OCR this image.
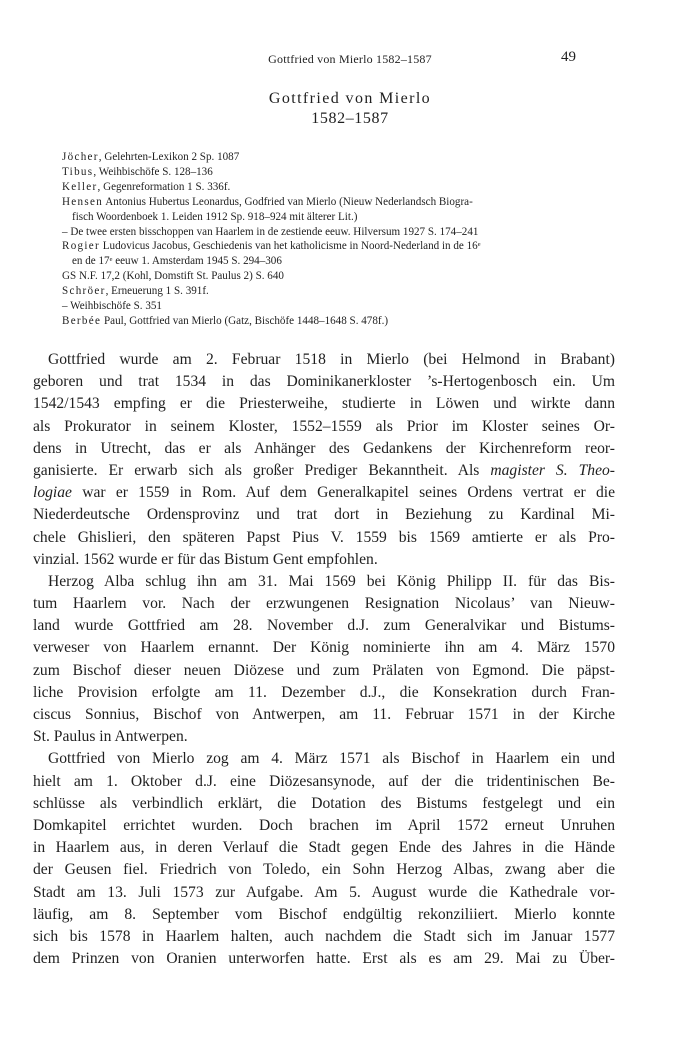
Gottfried von Mierlo 1582–1587	49
Gottfried von Mierlo
1582–1587
Jöcher, Gelehrten-Lexikon 2 Sp. 1087
Tibus, Weihbischöfe S. 128–136
Keller, Gegenreformation 1 S. 336f.
Hensen Antonius Hubertus Leonardus, Godfried van Mierlo (Nieuw Nederlandsch Biogra-
fisch Woordenboek 1. Leiden 1912 Sp. 918–924 mit älterer Lit.)
– De twee ersten bisschoppen van Haarlem in de zestiende eeuw. Hilversum 1927 S. 174–241
Rogier Ludovicus Jacobus, Geschiedenis van het katholicisme in Noord-Nederland in de 16ᵉ
en de 17ᵉ eeuw 1. Amsterdam 1945 S. 294–306
GS N.F. 17,2 (Kohl, Domstift St. Paulus 2) S. 640
Schröer, Erneuerung 1 S. 391f.
– Weihbischöfe S. 351
Berbée Paul, Gottfried van Mierlo (Gatz, Bischöfe 1448–1648 S. 478f.)
Gottfried wurde am 2. Februar 1518 in Mierlo (bei Helmond in Brabant)
geboren und trat 1534 in das Dominikanerkloster ’s-Hertogenbosch ein. Um
1542/1543 empfing er die Priesterweihe, studierte in Löwen und wirkte dann
als Prokurator in seinem Kloster, 1552–1559 als Prior im Kloster seines Or-
dens in Utrecht, das er als Anhänger des Gedankens der Kirchenreform reor-
ganisierte. Er erwarb sich als großer Prediger Bekanntheit. Als magister S. Theo-
logiae war er 1559 in Rom. Auf dem Generalkapitel seines Ordens vertrat er die
Niederdeutsche Ordensprovinz und trat dort in Beziehung zu Kardinal Mi-
chele Ghislieri, den späteren Papst Pius V. 1559 bis 1569 amtierte er als Pro-
vinzial. 1562 wurde er für das Bistum Gent empfohlen.
Herzog Alba schlug ihn am 31. Mai 1569 bei König Philipp II. für das Bis-
tum Haarlem vor. Nach der erzwungenen Resignation Nicolaus’ van Nieuw-
land wurde Gottfried am 28. November d.J. zum Generalvikar und Bistums-
verweser von Haarlem ernannt. Der König nominierte ihn am 4. März 1570
zum Bischof dieser neuen Diözese und zum Prälaten von Egmond. Die päpst-
liche Provision erfolgte am 11. Dezember d.J., die Konsekration durch Fran-
ciscus Sonnius, Bischof von Antwerpen, am 11. Februar 1571 in der Kirche
St. Paulus in Antwerpen.
Gottfried von Mierlo zog am 4. März 1571 als Bischof in Haarlem ein und
hielt am 1. Oktober d.J. eine Diözesansynode, auf der die tridentinischen Be-
schlüsse als verbindlich erklärt, die Dotation des Bistums festgelegt und ein
Domkapitel errichtet wurden. Doch brachen im April 1572 erneut Unruhen
in Haarlem aus, in deren Verlauf die Stadt gegen Ende des Jahres in die Hände
der Geusen fiel. Friedrich von Toledo, ein Sohn Herzog Albas, zwang aber die
Stadt am 13. Juli 1573 zur Aufgabe. Am 5. August wurde die Kathedrale vor-
läufig, am 8. September vom Bischof endgültig rekonziliiert. Mierlo konnte
sich bis 1578 in Haarlem halten, auch nachdem die Stadt sich im Januar 1577
dem Prinzen von Oranien unterworfen hatte. Erst als es am 29. Mai zu Über-
